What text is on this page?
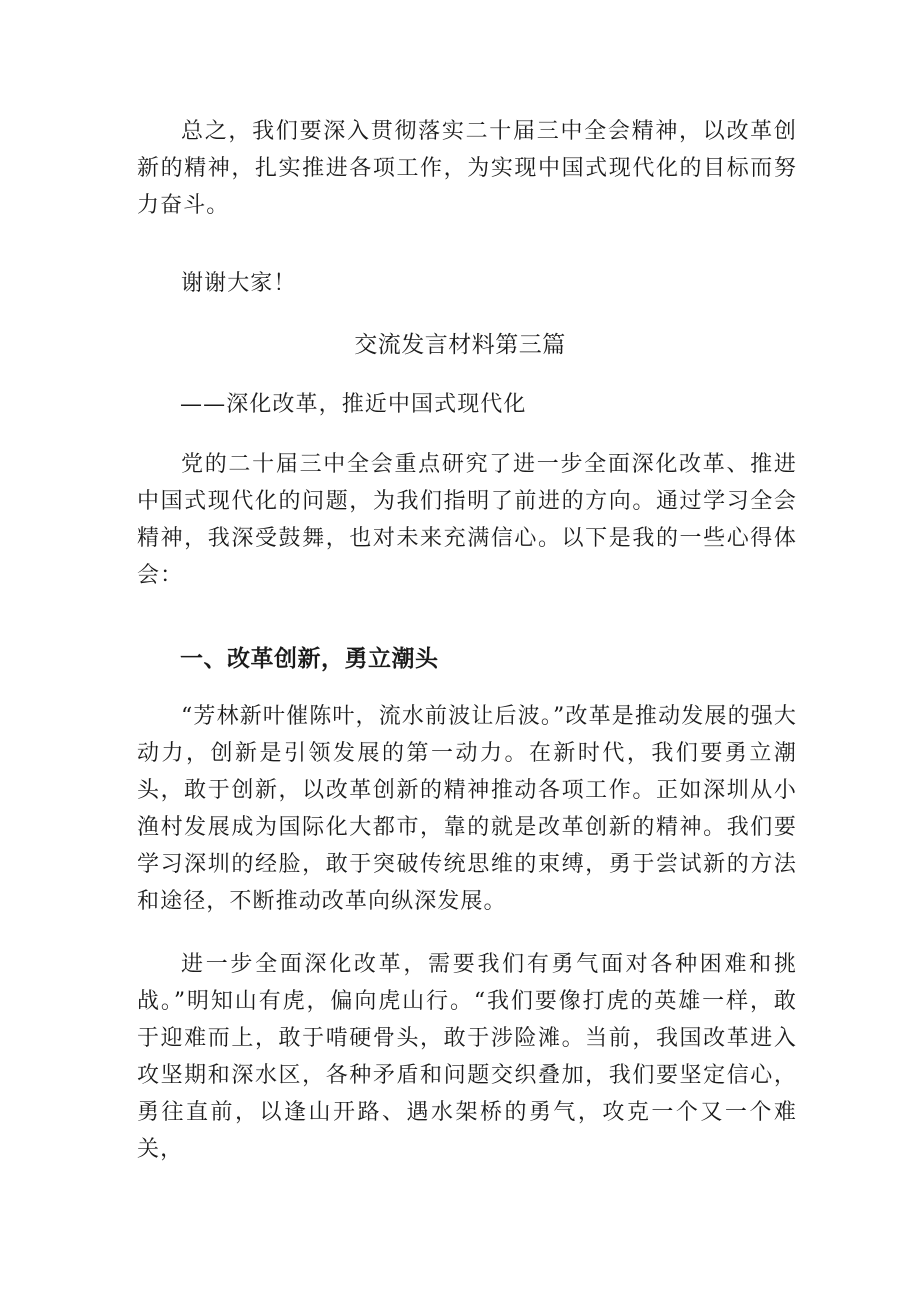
总之，我们要深入贯彻落实二十届三中全会精神，以改革创新的精神，扎实推进各项工作，为实现中国式现代化的目标而努力奋斗。

谢谢大家！

交流发言材料第三篇

——深化改革，推近中国式现代化

党的二十届三中全会重点研究了进一步全面深化改革、推进中国式现代化的问题，为我们指明了前进的方向。通过学习全会精神，我深受鼓舞，也对未来充满信心。以下是我的一些心得体会：

一、改革创新，勇立潮头

“芳林新叶催陈叶，流水前波让后波。”改革是推动发展的强大动力，创新是引领发展的第一动力。在新时代，我们要勇立潮头，敢于创新，以改革创新的精神推动各项工作。正如深圳从小渔村发展成为国际化大都市，靠的就是改革创新的精神。我们要学习深圳的经脸，敢于突破传统思维的束缚，勇于尝试新的方法和途径，不断推动改革向纵深发展。

进一步全面深化改革，需要我们有勇气面对各种困难和挑战。”明知山有虎，偏向虎山行。“我们要像打虎的英雄一样，敢于迎难而上，敢于啃硬骨头，敢于涉险滩。当前，我国改革进入攻坚期和深水区，各种矛盾和问题交织叠加，我们要坚定信心，勇往直前，以逢山开路、遇水架桥的勇气，攻克一个又一个难关，
